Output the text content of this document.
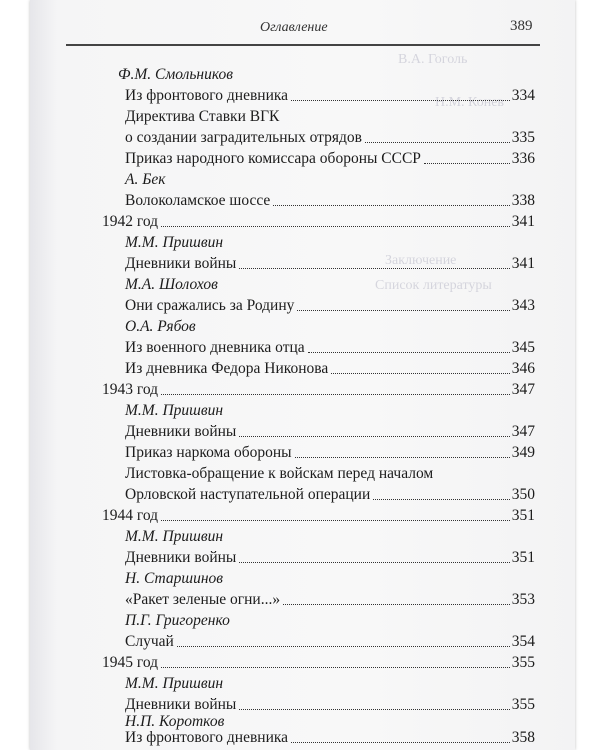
В.А. Гоголь
Н.М. Конев
Заключение
Список литературы
Оглавление	389
Ф.М. Смольников
Из фронтового дневника	334
Директива Ставки ВГК
о создании заградительных отрядов	335
Приказ народного комиссара обороны СССР	336
А. Бек
Волоколамское шоссе	338
1942 год	341
М.М. Пришвин
Дневники войны	341
М.А. Шолохов
Они сражались за Родину	343
О.А. Рябов
Из военного дневника отца	345
Из дневника Федора Никонова	346
1943 год	347
М.М. Пришвин
Дневники войны	347
Приказ наркома обороны	349
Листовка-обращение к войскам перед началом
Орловской наступательной операции	350
1944 год	351
М.М. Пришвин
Дневники войны	351
Н. Старшинов
«Ракет зеленые огни...»	353
П.Г. Григоренко
Случай	354
1945 год	355
М.М. Пришвин
Дневники войны	355
Н.П. Коротков
Из фронтового дневника	358
